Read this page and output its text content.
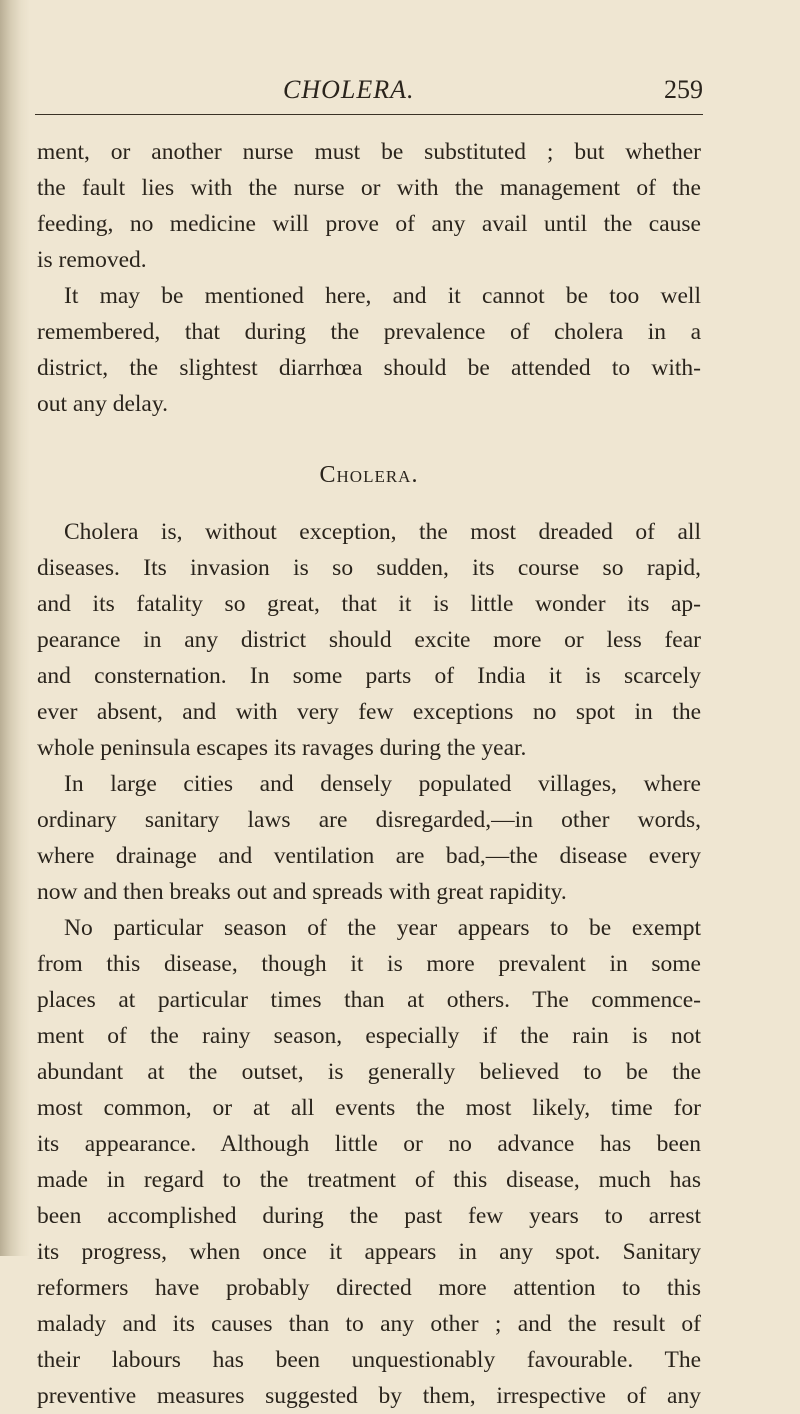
CHOLERA.	259
ment, or another nurse must be substituted ; but whether
the fault lies with the nurse or with the management of the
feeding, no medicine will prove of any avail until the cause
is removed.
It may be mentioned here, and it cannot be too well
remembered, that during the prevalence of cholera in a
district, the slightest diarrhœa should be attended to with-
out any delay.
Cholera.
Cholera is, without exception, the most dreaded of all
diseases. Its invasion is so sudden, its course so rapid,
and its fatality so great, that it is little wonder its ap-
pearance in any district should excite more or less fear
and consternation. In some parts of India it is scarcely
ever absent, and with very few exceptions no spot in the
whole peninsula escapes its ravages during the year.
In large cities and densely populated villages, where
ordinary sanitary laws are disregarded,—in other words,
where drainage and ventilation are bad,—the disease every
now and then breaks out and spreads with great rapidity.
No particular season of the year appears to be exempt
from this disease, though it is more prevalent in some
places at particular times than at others. The commence-
ment of the rainy season, especially if the rain is not
abundant at the outset, is generally believed to be the
most common, or at all events the most likely, time for
its appearance. Although little or no advance has been
made in regard to the treatment of this disease, much has
been accomplished during the past few years to arrest
its progress, when once it appears in any spot. Sanitary
reformers have probably directed more attention to this
malady and its causes than to any other ; and the result of
their labours has been unquestionably favourable. The
preventive measures suggested by them, irrespective of any
